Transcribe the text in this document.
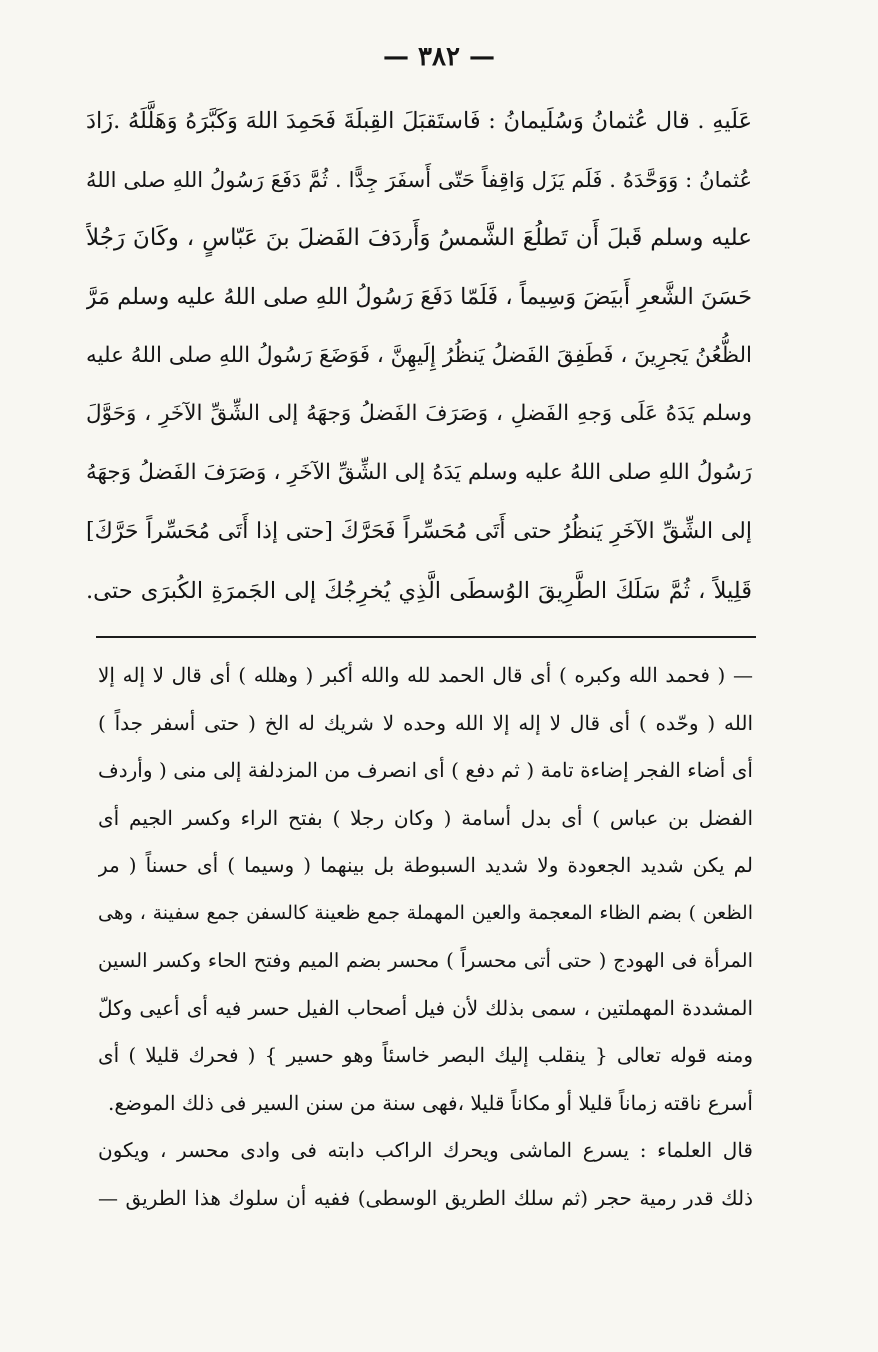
— ٣٨٢ —
عَلَيهِ . قال عُثمانُ وَسُلَيمانُ : فَاستَقبَلَ القِبلَةَ فَحَمِدَ اللهَ وَكَبَّرَهُ وَهَلَّلَهُ .زَادَ
عُثمانُ : وَوَحَّدَهُ . فَلَم يَزَل وَاقِفاً حَتّى أَسفَرَ جِدًّا . ثُمَّ دَفَعَ رَسُولُ اللهِ صلى اللهُ
عليه وسلم قَبلَ أَن تَطلُعَ الشَّمسُ وَأَردَفَ الفَضلَ بنَ عَبّاسٍ ، وكَانَ رَجُلاً
حَسَنَ الشَّعرِ أَبيَضَ وَسِيماً ، فَلَمّا دَفَعَ رَسُولُ اللهِ صلى اللهُ عليه وسلم مَرَّ
الظُّعُنُ يَجرِينَ ، فَطَفِقَ الفَضلُ يَنظُرُ إِلَيهِنَّ ، فَوَضَعَ رَسُولُ اللهِ صلى اللهُ عليه
وسلم يَدَهُ عَلَى وَجهِ الفَضلِ ، وَصَرَفَ الفَضلُ وَجهَهُ إلى الشِّقِّ الآخَرِ ، وَحَوَّلَ
رَسُولُ اللهِ صلى اللهُ عليه وسلم يَدَهُ إلى الشِّقِّ الآخَرِ ، وَصَرَفَ الفَضلُ وَجهَهُ
إلى الشِّقِّ الآخَرِ يَنظُرُ حتى أَتَى مُحَسِّراً فَحَرَّكَ [حتى إذا أَتَى مُحَسِّراً حَرَّكَ]
قَلِيلاً ، ثُمَّ سَلَكَ الطَّرِيقَ الوُسطَى الَّذِي يُخرِجُكَ إلى الجَمرَةِ الكُبرَى حتى.
— ( فحمد الله وكبره ) أى قال الحمد لله والله أكبر ( وهلله ) أى قال لا إله إلا
الله ( وحّده ) أى قال لا إله إلا الله وحده لا شريك له الخ ( حتى أسفر جداً )
أى أضاء الفجر إضاءة تامة ( ثم دفع ) أى انصرف من المزدلفة إلى منى ( وأردف
الفضل بن عباس ) أى بدل أسامة ( وكان رجلا ) بفتح الراء وكسر الجيم أى
لم يكن شديد الجعودة ولا شديد السبوطة بل بينهما ( وسيما ) أى حسناً ( مر
الظعن ) بضم الظاء المعجمة والعين المهملة جمع ظعينة كالسفن جمع سفينة ، وهى
المرأة فى الهودج ( حتى أتى محسراً ) محسر بضم الميم وفتح الحاء وكسر السين
المشددة المهملتين ، سمى بذلك لأن فيل أصحاب الفيل حسر فيه أى أعيى وكلّ
ومنه قوله تعالى { ينقلب إليك البصر خاسئاً وهو حسير } ( فحرك قليلا ) أى
أسرع ناقته زماناً قليلا أو مكاناً قليلا ،فهى سنة من سنن السير فى ذلك الموضع.
قال العلماء : يسرع الماشى ويحرك الراكب دابته فى وادى محسر ، ويكون
ذلك قدر رمية حجر (ثم سلك الطريق الوسطى) ففيه أن سلوك هذا الطريق —
